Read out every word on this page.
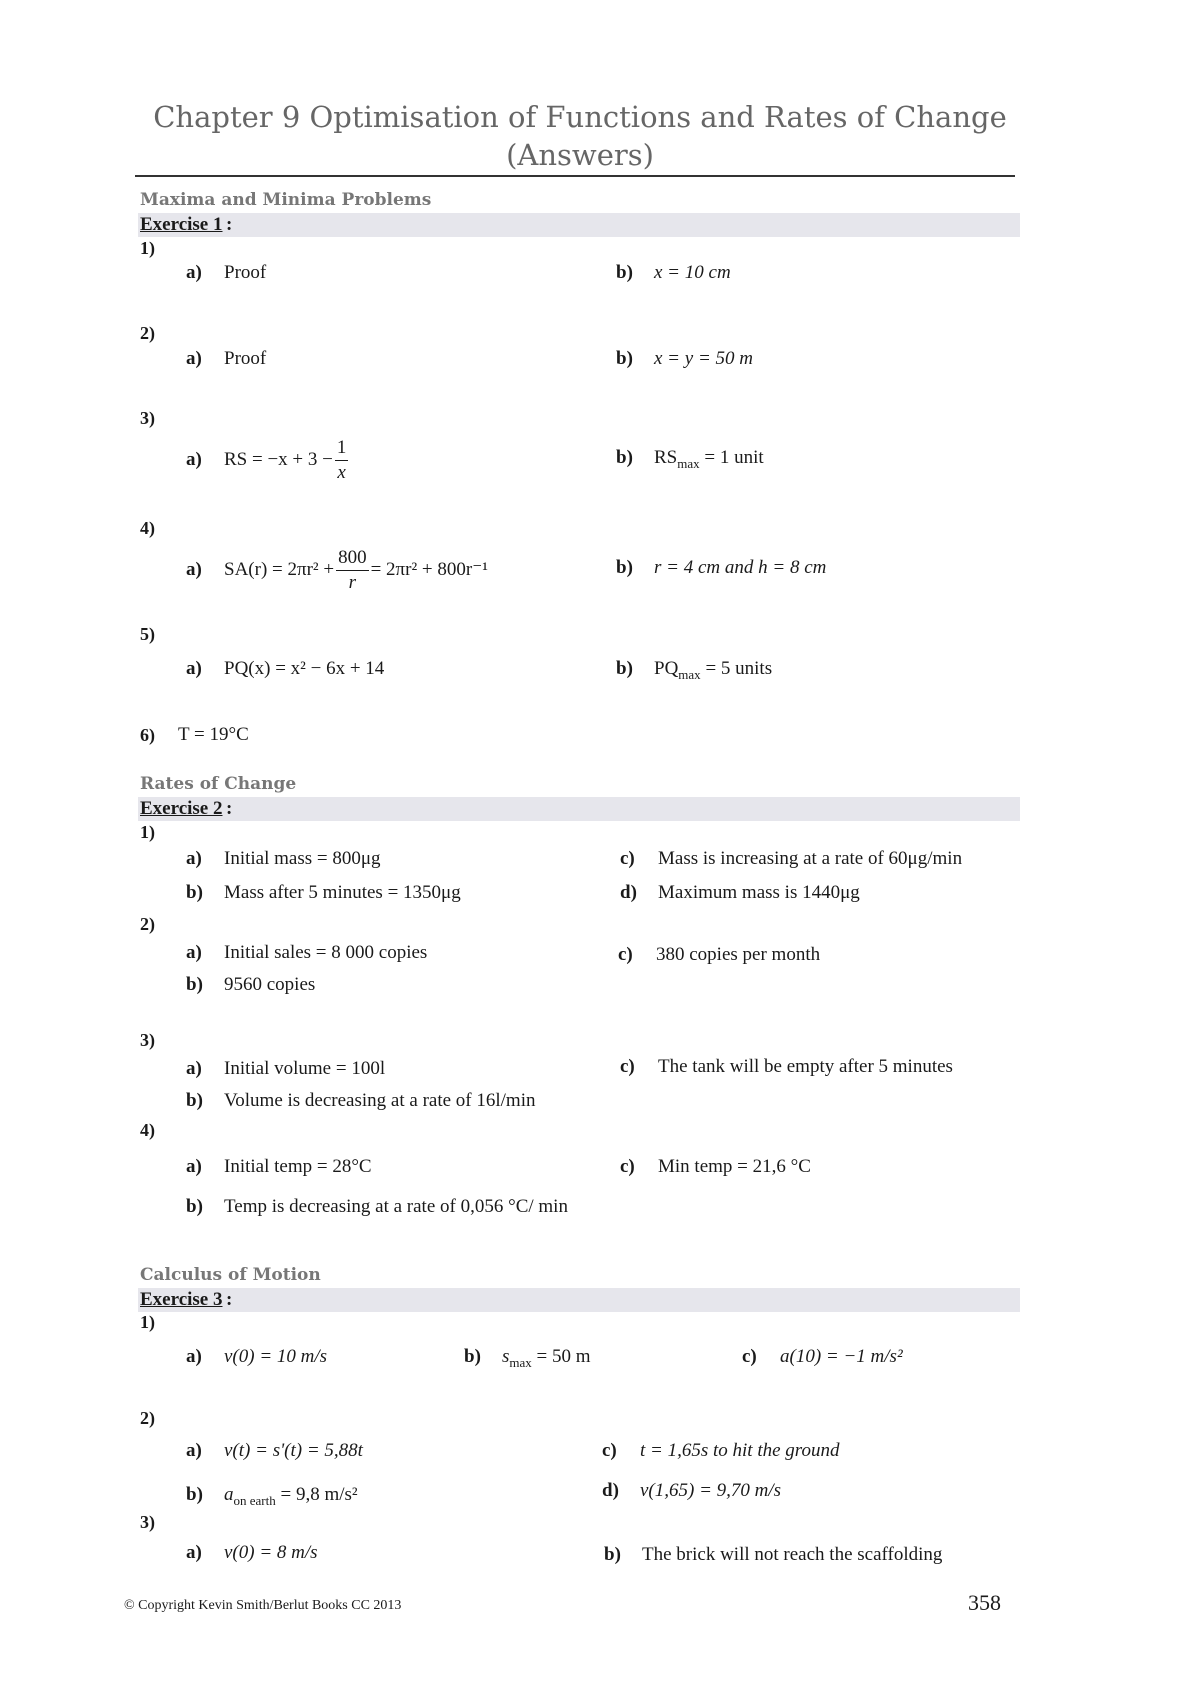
Chapter 9 Optimisation of Functions and Rates of Change
(Answers)
Maxima and Minima Problems
Exercise 1 :
1)
a) Proof	b) x = 10 cm
2)
a) Proof	b) x = y = 50 m
3)
a) RS = $-x + 3 - \frac{1}{x}$	b) $RS_{max} = 1$ unit
4)
a) $SA(r) = 2\pi r^2 + \frac{800}{r} = 2\pi r^2 + 800r^{-1}$	b) r = 4 cm and h = 8 cm
5)
a) PQ(x) = x² − 6x + 14	b) $PQ_{max} = 5$ units
6) T = 19°C
Rates of Change
Exercise 2 :
1)
a) Initial mass = 800μg
b) Mass after 5 minutes = 1350μg
c) Mass is increasing at a rate of 60μg/min
d) Maximum mass is 1440μg
2)
a) Initial sales = 8 000 copies
b) 9560 copies
c) 380 copies per month
3)
a) Initial volume = 100l
b) Volume is decreasing at a rate of 16l/min
c) The tank will be empty after 5 minutes
4)
a) Initial temp = 28°C
b) Temp is decreasing at a rate of 0,056 °C/ min
c) Min temp = 21,6 °C
Calculus of Motion
Exercise 3 :
1)
a) v(0) = 10 m/s	b) $s_{max} = 50$ m	c) a(10) = −1 m/s²
2)
a) v(t) = s'(t) = 5,88t
b) $a_{on earth} = 9,8$ m/s²
c) t = 1,65s to hit the ground
d) v(1,65) = 9,70 m/s
3)
a) v(0) = 8 m/s	b) The brick will not reach the scaffolding
© Copyright Kevin Smith/Berlut Books CC 2013	358
